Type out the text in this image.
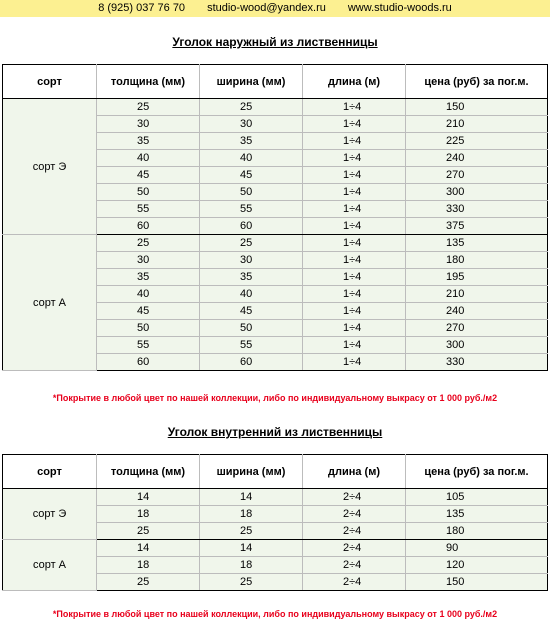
8 (925) 037 76 70 studio-wood@yandex.ru www.studio-woods.ru
Уголок наружный из лиственницы
сорт	толщина (мм)	ширина (мм)	длина (м)	цена (руб) за пог.м.
сорт Э	25	25	1÷4	150
	30	30	1÷4	210
	35	35	1÷4	225
	40	40	1÷4	240
	45	45	1÷4	270
	50	50	1÷4	300
	55	55	1÷4	330
	60	60	1÷4	375
сорт А	25	25	1÷4	135
	30	30	1÷4	180
	35	35	1÷4	195
	40	40	1÷4	210
	45	45	1÷4	240
	50	50	1÷4	270
	55	55	1÷4	300
	60	60	1÷4	330
*Покрытие в любой цвет по нашей коллекции, либо по индивидуальному выкрасу от 1 000 руб./м2
Уголок внутренний из лиственницы
сорт	толщина (мм)	ширина (мм)	длина (м)	цена (руб) за пог.м.
сорт Э	14	14	2÷4	105
	18	18	2÷4	135
	25	25	2÷4	180
сорт А	14	14	2÷4	90
	18	18	2÷4	120
	25	25	2÷4	150
*Покрытие в любой цвет по нашей коллекции, либо по индивидуальному выкрасу от 1 000 руб./м2
